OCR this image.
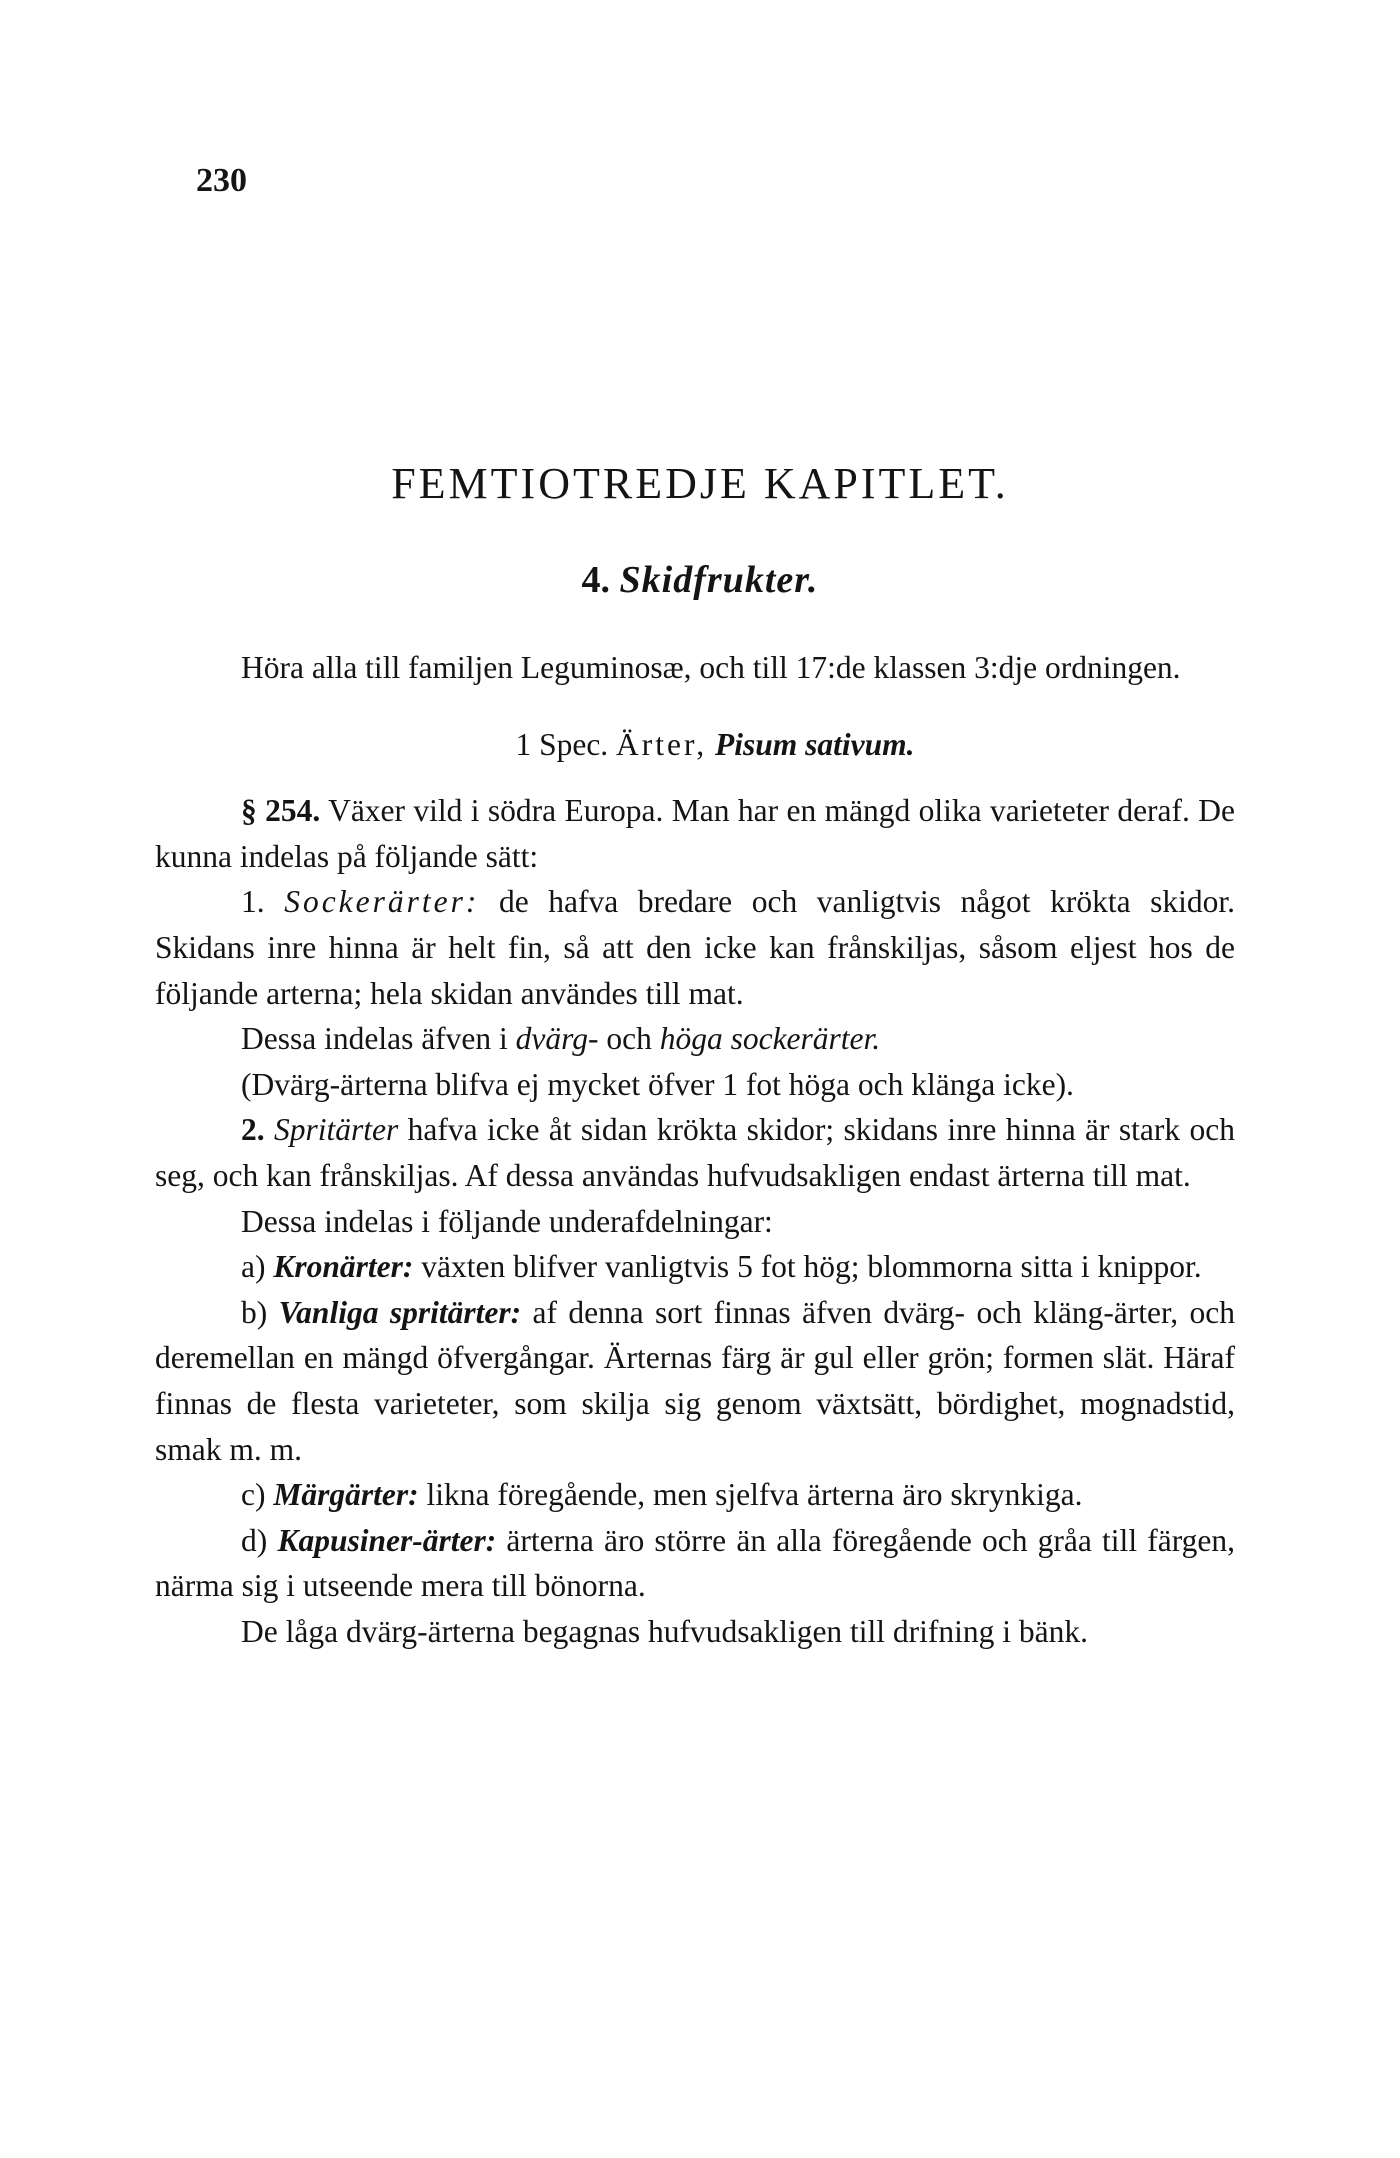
230
FEMTIOTREDJE KAPITLET.
4. Skidfrukter.

Höra alla till familjen Leguminosæ, och till 17:de klassen 3:dje ordningen.

1 Spec. Ärter, Pisum sativum.

§ 254. Växer vild i södra Europa. Man har en mängd olika varieteter deraf. De kunna indelas på följande sätt:

1. Sockerärter: de hafva bredare och vanligtvis något krökta skidor. Skidans inre hinna är helt fin, så att den icke kan frånskiljas, såsom eljest hos de följande arterna; hela skidan användes till mat.

Dessa indelas äfven i dvärg- och höga sockerärter.

(Dvärg-ärterna blifva ej mycket öfver 1 fot höga och klänga icke).

2. Spritärter hafva icke åt sidan krökta skidor; skidans inre hinna är stark och seg, och kan frånskiljas. Af dessa användas hufvudsakligen endast ärterna till mat.

Dessa indelas i följande underafdelningar:

a) Kronärter: växten blifver vanligtvis 5 fot hög; blommorna sitta i knippor.

b) Vanliga spritärter: af denna sort finnas äfven dvärg- och kläng-ärter, och deremellan en mängd öfvergångar. Ärternas färg är gul eller grön; formen slät. Häraf finnas de flesta varieteter, som skilja sig genom växtsätt, bördighet, mognadstid, smak m. m.

c) Märgärter: likna föregående, men sjelfva ärterna äro skrynkiga.

d) Kapusiner-ärter: ärterna äro större än alla föregående och gråa till färgen, närma sig i utseende mera till bönorna.

De låga dvärg-ärterna begagnas hufvudsakligen till drifning i bänk.
